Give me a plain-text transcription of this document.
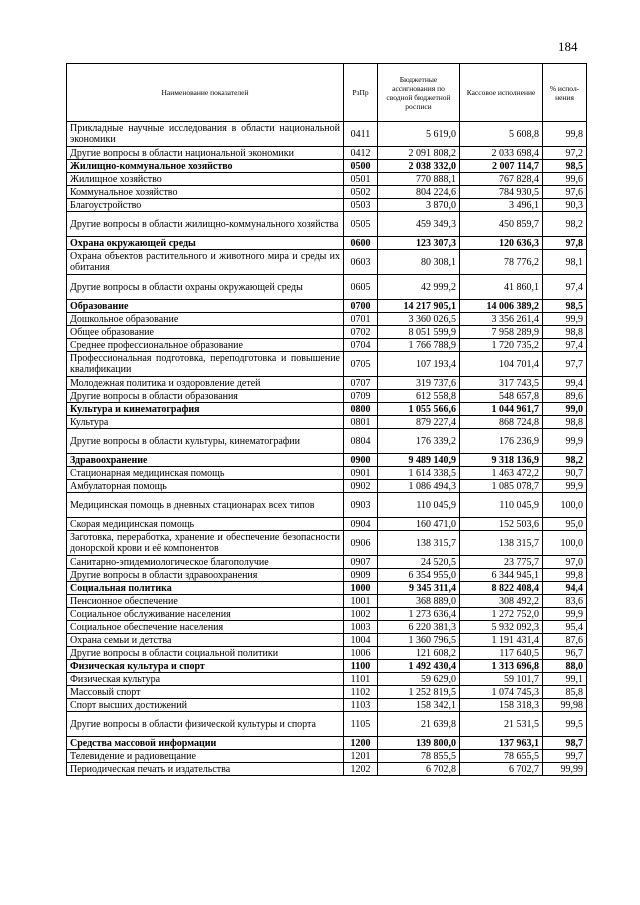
184
Наименование показателей	РзПр	Бюджетные ассигнования по сводной бюджетной росписи	Кассовое исполнение	% испол-нения
Прикладные научные исследования в области национальной экономики	0411	5 619,0	5 608,8	99,8
Другие вопросы в области национальной экономики	0412	2 091 808,2	2 033 698,4	97,2
Жилищно-коммунальное хозяйство	0500	2 038 332,0	2 007 114,7	98,5
Жилищное хозяйство	0501	770 888,1	767 828,4	99,6
Коммунальное хозяйство	0502	804 224,6	784 930,5	97,6
Благоустройство	0503	3 870,0	3 496,1	90,3
Другие вопросы в области жилищно-коммунального хозяйства	0505	459 349,3	450 859,7	98,2
Охрана окружающей среды	0600	123 307,3	120 636,3	97,8
Охрана объектов растительного и животного мира и среды их обитания	0603	80 308,1	78 776,2	98,1
Другие вопросы в области охраны окружающей среды	0605	42 999,2	41 860,1	97,4
Образование	0700	14 217 905,1	14 006 389,2	98,5
Дошкольное образование	0701	3 360 026,5	3 356 261,4	99,9
Общее образование	0702	8 051 599,9	7 958 289,9	98,8
Среднее профессиональное образование	0704	1 766 788,9	1 720 735,2	97,4
Профессиональная подготовка, переподготовка и повышение квалификации	0705	107 193,4	104 701,4	97,7
Молодежная политика и оздоровление детей	0707	319 737,6	317 743,5	99,4
Другие вопросы в области образования	0709	612 558,8	548 657,8	89,6
Культура и кинематография	0800	1 055 566,6	1 044 961,7	99,0
Культура	0801	879 227,4	868 724,8	98,8
Другие вопросы в области культуры, кинематографии	0804	176 339,2	176 236,9	99,9
Здравоохранение	0900	9 489 140,9	9 318 136,9	98,2
Стационарная медицинская помощь	0901	1 614 338,5	1 463 472,2	90,7
Амбулаторная помощь	0902	1 086 494,3	1 085 078,7	99,9
Медицинская помощь в дневных стационарах всех типов	0903	110 045,9	110 045,9	100,0
Скорая медицинская помощь	0904	160 471,0	152 503,6	95,0
Заготовка, переработка, хранение и обеспечение безопасности донорской крови и её компонентов	0906	138 315,7	138 315,7	100,0
Санитарно-эпидемиологическое благополучие	0907	24 520,5	23 775,7	97,0
Другие вопросы в области здравоохранения	0909	6 354 955,0	6 344 945,1	99,8
Социальная политика	1000	9 345 311,4	8 822 408,4	94,4
Пенсионное обеспечение	1001	368 889,0	308 492,2	83,6
Социальное обслуживание населения	1002	1 273 636,4	1 272 752,0	99,9
Социальное обеспечение населения	1003	6 220 381,3	5 932 092,3	95,4
Охрана семьи и детства	1004	1 360 796,5	1 191 431,4	87,6
Другие вопросы в области социальной политики	1006	121 608,2	117 640,5	96,7
Физическая культура и спорт	1100	1 492 430,4	1 313 696,8	88,0
Физическая культура	1101	59 629,0	59 101,7	99,1
Массовый спорт	1102	1 252 819,5	1 074 745,3	85,8
Спорт высших достижений	1103	158 342,1	158 318,3	99,98
Другие вопросы в области физической культуры и спорта	1105	21 639,8	21 531,5	99,5
Средства массовой информации	1200	139 800,0	137 963,1	98,7
Телевидение и радиовещание	1201	78 855,5	78 655,5	99,7
Периодическая печать и издательства	1202	6 702,8	6 702,7	99,99
